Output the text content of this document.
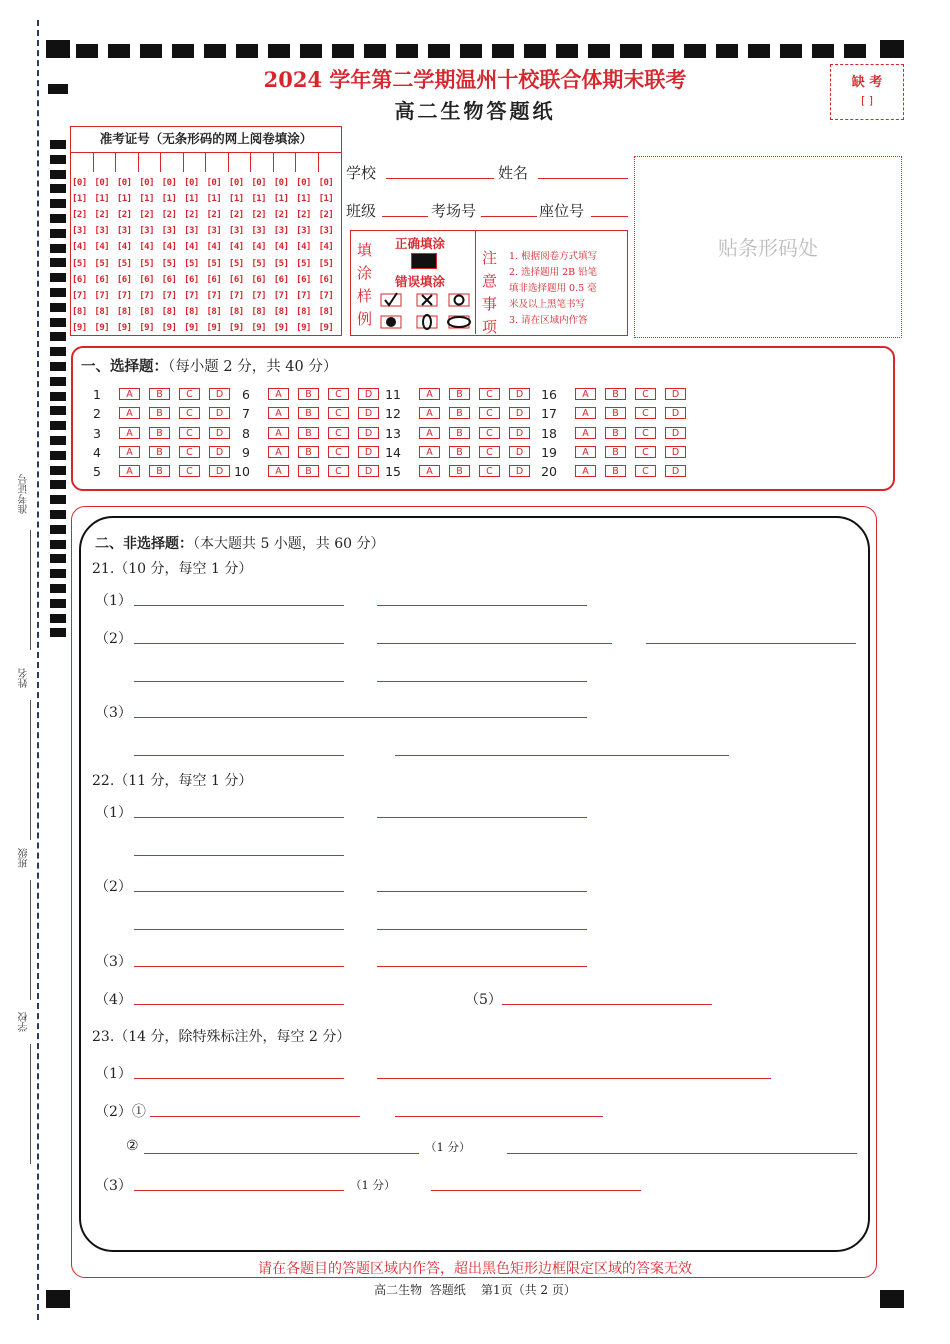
准考证号
姓名
班级
学校
2024 学年第二学期温州十校联合体期末联考
高二生物答题纸
缺 考
[ ]
准考证号（无条形码的网上阅卷填涂）
[0] [0] [0] [0] [0] [0] [0] [0] [0] [0] [0] [0]
[1] [1] [1] [1] [1] [1] [1] [1] [1] [1] [1] [1]
[2] [2] [2] [2] [2] [2] [2] [2] [2] [2] [2] [2]
[3] [3] [3] [3] [3] [3] [3] [3] [3] [3] [3] [3]
[4] [4] [4] [4] [4] [4] [4] [4] [4] [4] [4] [4]
[5] [5] [5] [5] [5] [5] [5] [5] [5] [5] [5] [5]
[6] [6] [6] [6] [6] [6] [6] [6] [6] [6] [6] [6]
[7] [7] [7] [7] [7] [7] [7] [7] [7] [7] [7] [7]
[8] [8] [8] [8] [8] [8] [8] [8] [8] [8] [8] [8]
[9] [9] [9] [9] [9] [9] [9] [9] [9] [9] [9] [9]
学校	姓名
班级	考场号	座位号
填涂样例
正确填涂
错误填涂
注意事项
1. 根据阅卷方式填写
2. 选择题用 2B 铅笔
填非选择题用 0.5 毫
米及以上黑笔书写
3. 请在区域内作答
贴条形码处
一、选择题：（每小题 2 分，共 40 分）
1	A	B	C	D
2	A	B	C	D
3	A	B	C	D
4	A	B	C	D
5	A	B	C	D
6	A	B	C	D
7	A	B	C	D
8	A	B	C	D
9	A	B	C	D
10	A	B	C	D
11	A	B	C	D
12	A	B	C	D
13	A	B	C	D
14	A	B	C	D
15	A	B	C	D
16	A	B	C	D
17	A	B	C	D
18	A	B	C	D
19	A	B	C	D
20	A	B	C	D
二、非选择题：（本大题共 5 小题，共 60 分）
21.（10 分，每空 1 分）
（1）
（2）
（3）
22.（11 分，每空 1 分）
（1）
（2）
（3）
（4）	（5）
23.（14 分，除特殊标注外，每空 2 分）
（1）
（2）①
②	（1 分）
（3）	（1 分）
请在各题目的答题区域内作答，超出黑色矩形边框限定区域的答案无效
高二生物  答题纸    第1页（共 2 页）
